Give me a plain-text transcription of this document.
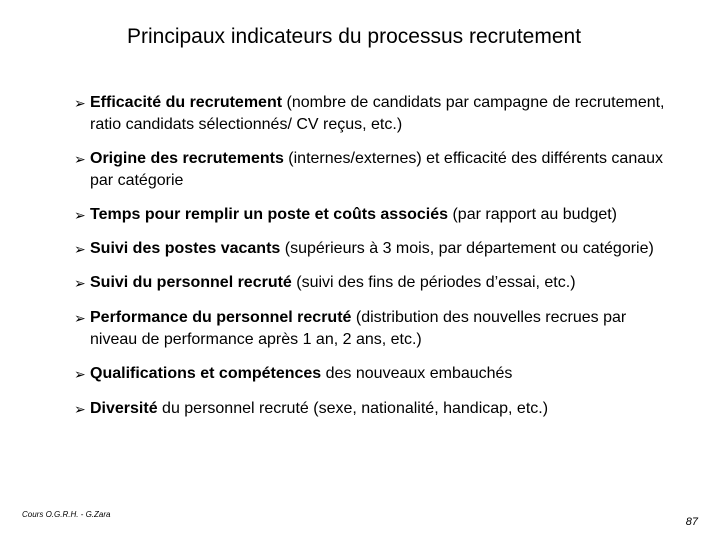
Principaux indicateurs du processus recrutement
➢ Efficacité du recrutement (nombre de candidats par campagne de recrutement, ratio candidats sélectionnés/ CV reçus, etc.)
➢ Origine des recrutements (internes/externes) et efficacité des différents canaux par catégorie
➢ Temps pour remplir un poste et coûts associés (par rapport au budget)
➢ Suivi des postes vacants (supérieurs à 3 mois, par département ou catégorie)
➢ Suivi du personnel recruté (suivi des fins de périodes d’essai, etc.)
➢ Performance du personnel recruté (distribution des nouvelles recrues par niveau de performance après 1 an, 2 ans, etc.)
➢ Qualifications et compétences des nouveaux embauchés
➢ Diversité du personnel recruté (sexe, nationalité, handicap, etc.)
Cours O.G.R.H. - G.Zara
87
